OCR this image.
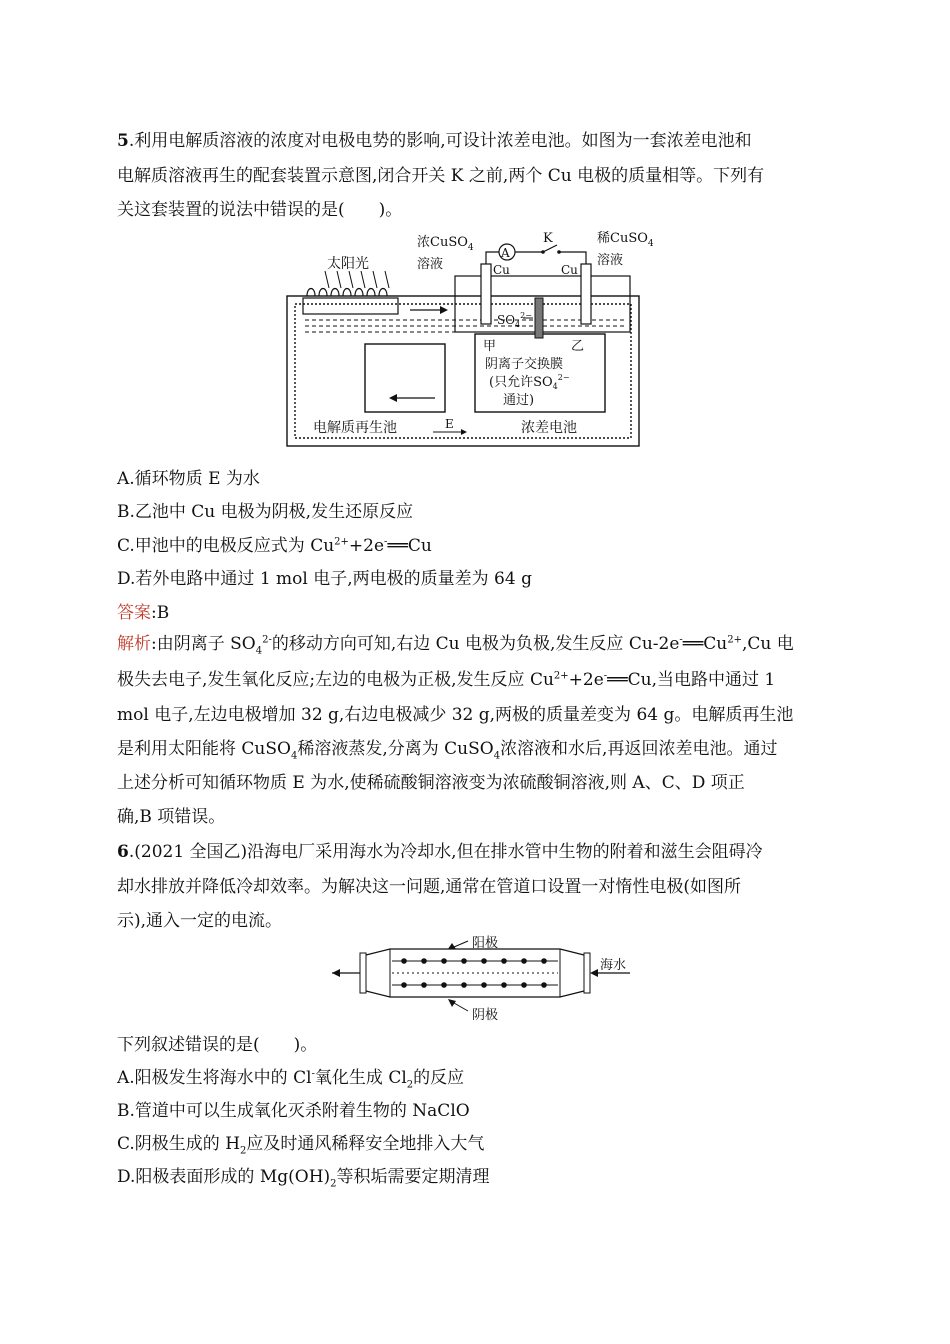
5.利用电解质溶液的浓度对电极电势的影响,可设计浓差电池。如图为一套浓差电池和
电解质溶液再生的配套装置示意图,闭合开关 K 之前,两个 Cu 电极的质量相等。下列有
关这套装置的说法中错误的是(　　)。
太阳光
A
K
浓CuSO$_4$
溶液
稀CuSO$_4$
溶液
Cu	Cu
$SO_4^{2-}$
甲	乙
阴离子交换膜
(只允许$SO_4^{2-}$
通过)
电解质再生池	E	浓差电池
A.循环物质 E 为水
B.乙池中 Cu 电极为阴极,发生还原反应
C.甲池中的电极反应式为 $Cu^{2+}+2e^-══Cu$
D.若外电路中通过 1 mol 电子,两电极的质量差为 64 g
答案:B
解析:由阴离子 $SO_4^{2-}$的移动方向可知,右边 Cu 电极为负极,发生反应 $Cu-2e^-══Cu^{2+},Cu$ 电
极失去电子,发生氧化反应;左边的电极为正极,发生反应 $Cu^{2+}+2e^-══Cu$,当电路中通过 1
mol 电子,左边电极增加 32 g,右边电极减少 32 g,两极的质量差变为 64 g。电解质再生池
是利用太阳能将 CuSO$_4$稀溶液蒸发,分离为 CuSO$_4$浓溶液和水后,再返回浓差电池。通过
上述分析可知循环物质 E 为水,使稀硫酸铜溶液变为浓硫酸铜溶液,则 A、C、D 项正
确,B 项错误。
6.(2021 全国乙)沿海电厂采用海水为冷却水,但在排水管中生物的附着和滋生会阻碍冷
却水排放并降低冷却效率。为解决这一问题,通常在管道口设置一对惰性电极(如图所
示),通入一定的电流。
阳极
阴极
海水
下列叙述错误的是(　　)。
A.阳极发生将海水中的 Cl-氧化生成 $Cl_2$的反应
B.管道中可以生成氧化灭杀附着生物的 NaClO
C.阴极生成的 $H_2$应及时通风稀释安全地排入大气
D.阳极表面形成的 $Mg(OH)_2$等积垢需要定期清理
